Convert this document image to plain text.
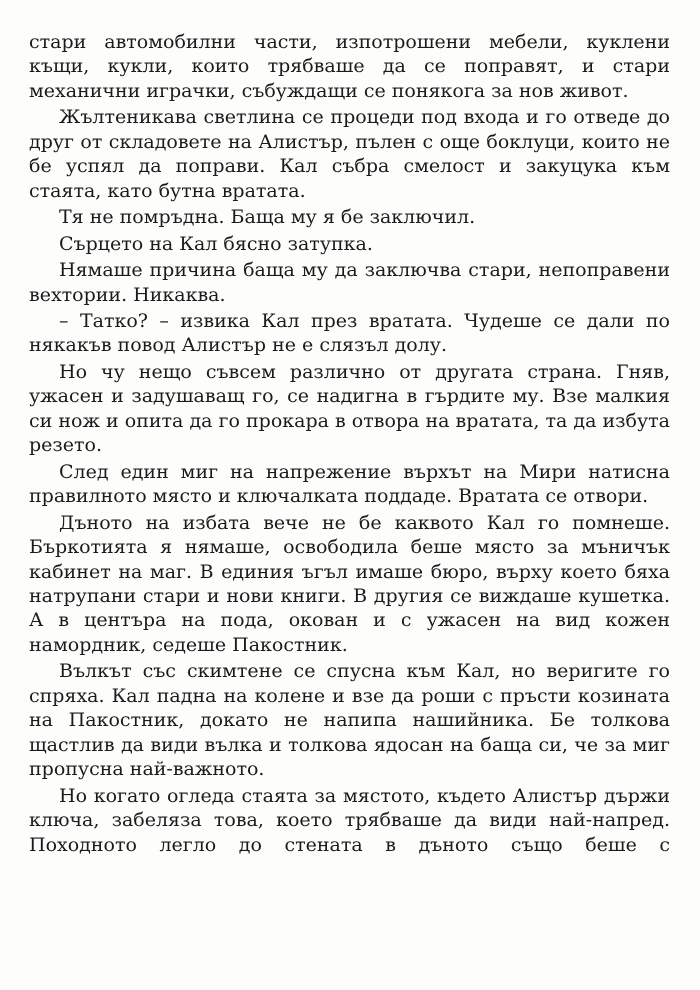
стари автомобилни части, изпотрошени мебели, куклени къщи, кукли, които трябваше да се поправят, и стари механични играчки, събуждащи се понякога за нов живот.

Жълтеникава светлина се процеди под входа и го отведе до друг от складовете на Алистър, пълен с още боклуци, които не бе успял да поправи. Кал събра смелост и закуцука към стаята, като бутна вратата.

Тя не помръдна. Баща му я бе заключил.

Сърцето на Кал бясно затупка.

Нямаше причина баща му да заключва стари, непоправени вехтории. Никаква.

– Татко? – извика Кал през вратата. Чудеше се дали по някакъв повод Алистър не е слязъл долу.

Но чу нещо съвсем различно от другата страна. Гняв, ужасен и задушаващ го, се надигна в гърдите му. Взе малкия си нож и опита да го прокара в отвора на вратата, та да избута резето.

След един миг на напрежение върхът на Мири натисна правилното място и ключалката поддаде. Вратата се отвори.

Дъното на избата вече не бе каквото Кал го помнеше. Бъркотията я нямаше, освободила беше място за мъничък кабинет на маг. В единия ъгъл имаше бюро, върху което бяха натрупани стари и нови книги. В другия се виждаше кушетка. А в центъра на пода, окован и с ужасен на вид кожен намордник, седеше Пакостник.

Вълкът със скимтене се спусна към Кал, но веригите го спряха. Кал падна на колене и взе да роши с пръсти козината на Пакостник, докато не напипа нашийника. Бе толкова щастлив да види вълка и толкова ядосан на баща си, че за миг пропусна най-важното.

Но когато огледа стаята за мястото, където Алистър държи ключа, забеляза това, което трябваше да види най-напред. Походното легло до стената в дъното също беше с
